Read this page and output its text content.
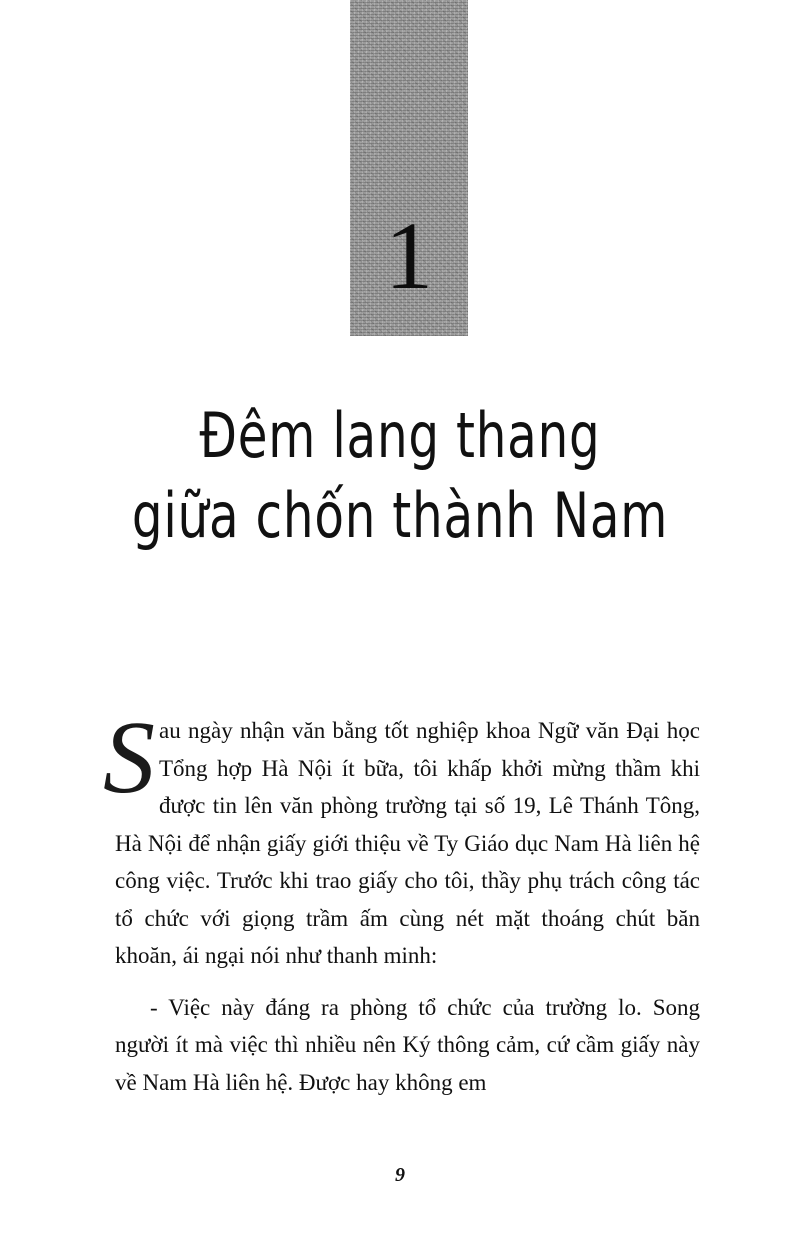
1
Đêm lang thang
giữa chốn thành Nam

Sau ngày nhận văn bằng tốt nghiệp khoa Ngữ văn Đại học Tổng hợp Hà Nội ít bữa, tôi khấp khởi mừng thầm khi được tin lên văn phòng trường tại số 19, Lê Thánh Tông, Hà Nội để nhận giấy giới thiệu về Ty Giáo dục Nam Hà liên hệ công việc. Trước khi trao giấy cho tôi, thầy phụ trách công tác tổ chức với giọng trầm ấm cùng nét mặt thoáng chút băn khoăn, ái ngại nói như thanh minh:

- Việc này đáng ra phòng tổ chức của trường lo. Song người ít mà việc thì nhiều nên Ký thông cảm, cứ cầm giấy này về Nam Hà liên hệ. Được hay không em

9
